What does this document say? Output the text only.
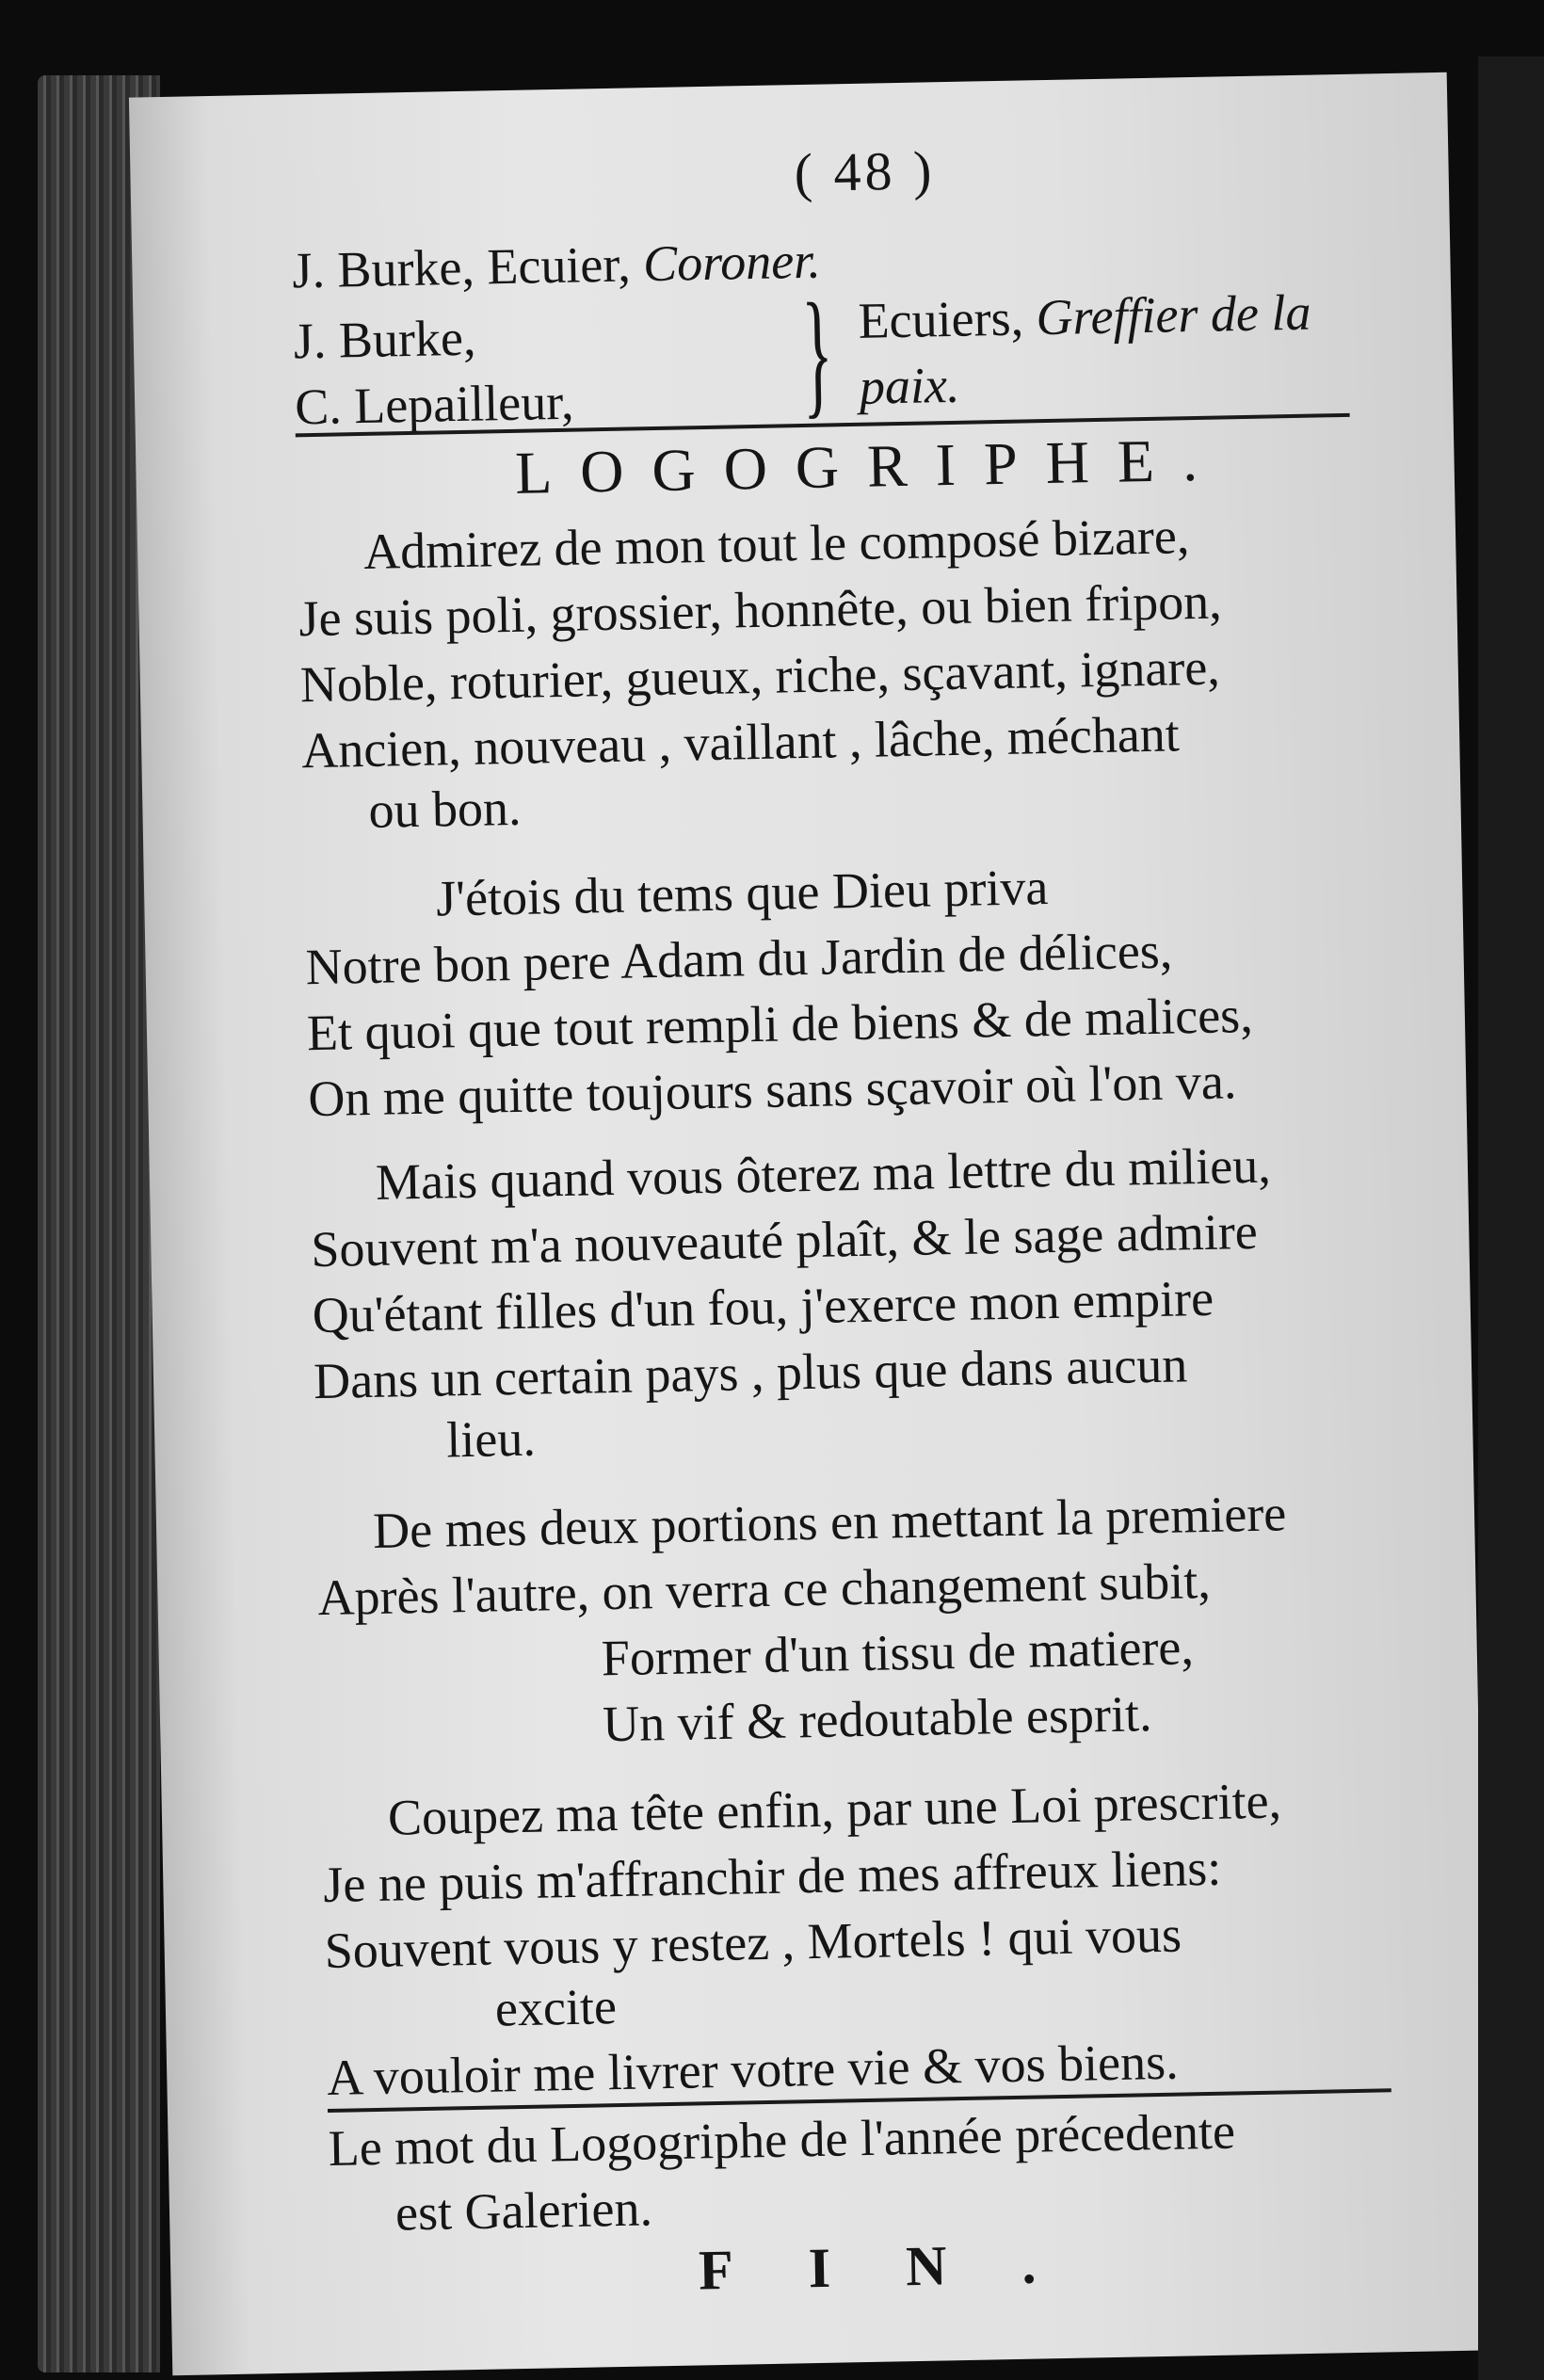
( 48 )
J. Burke, Ecuier, Coroner.
J. Burke,
C. Lepailleur, } Ecuiers, Greffier de la
paix.
LOGOGRIPHE.
Admirez de mon tout le composé bizare,
Je suis poli, grossier, honnête, ou bien fripon,
Noble, roturier, gueux, riche, sçavant, ignare,
Ancien, nouveau , vaillant , lâche, méchant
ou bon.
J'étois du tems que Dieu priva
Notre bon pere Adam du Jardin de délices,
Et quoi que tout rempli de biens & de malices,
On me quitte toujours sans sçavoir où l'on va.
Mais quand vous ôterez ma lettre du milieu,
Souvent m'a nouveauté plaît, & le sage admire
Qu'étant filles d'un fou, j'exerce mon empire
Dans un certain pays , plus que dans aucun
lieu.
De mes deux portions en mettant la premiere
Après l'autre, on verra ce changement subit,
Former d'un tissu de matiere,
Un vif & redoutable esprit.
Coupez ma tête enfin, par une Loi prescrite,
Je ne puis m'affranchir de mes affreux liens:
Souvent vous y restez , Mortels ! qui vous
excite
A vouloir me livrer votre vie & vos biens.
Le mot du Logogriphe de l'année précedente
est Galerien.
FIN.
